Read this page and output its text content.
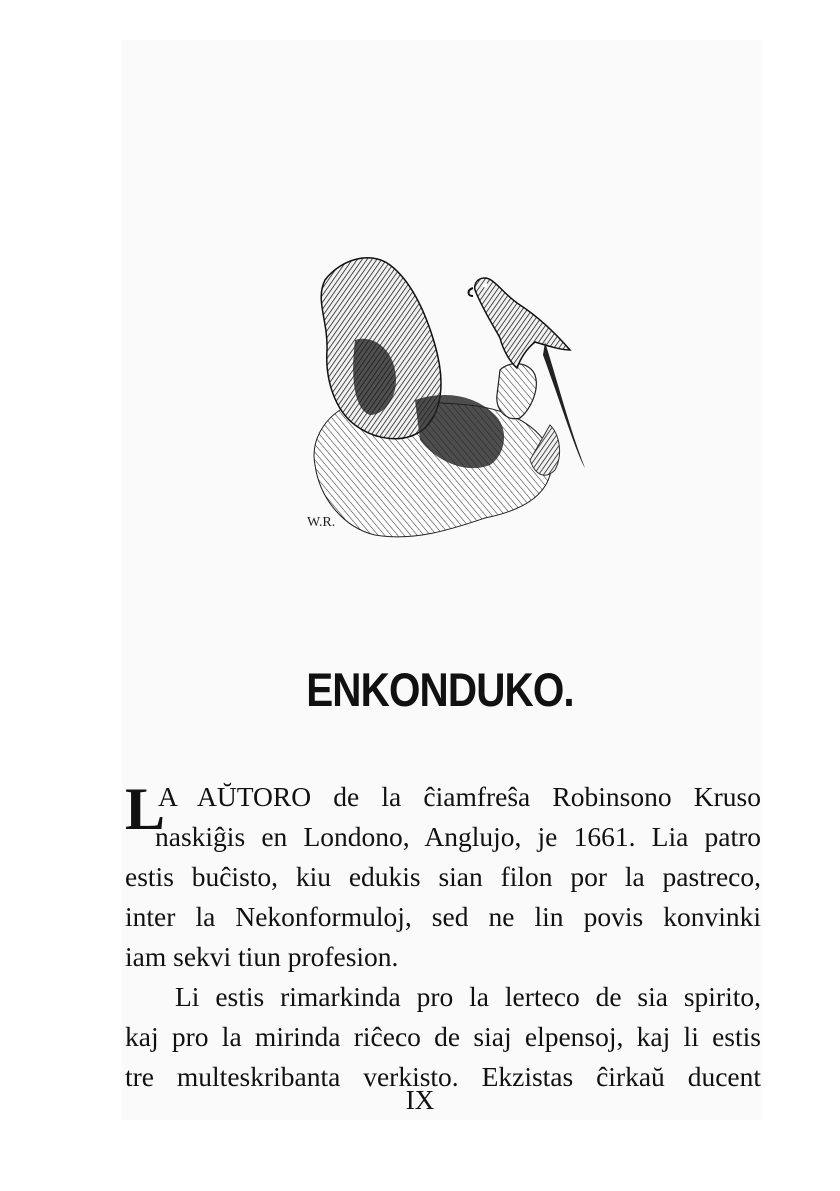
W.R.
ENKONDUKO.
L
A AŬTORO de la ĉiamfreŝa Robinsono Kruso
naskiĝis en Londono, Anglujo, je 1661. Lia patro
estis buĉisto, kiu edukis sian filon por la pastreco,
inter la Nekonformuloj, sed ne lin povis konvinki
iam sekvi tiun profesion.
Li estis rimarkinda pro la lerteco de sia spirito,
kaj pro la mirinda riĉeco de siaj elpensoj, kaj li estis
tre multeskribanta verkisto. Ekzistas ĉirkaŭ ducent
IX
